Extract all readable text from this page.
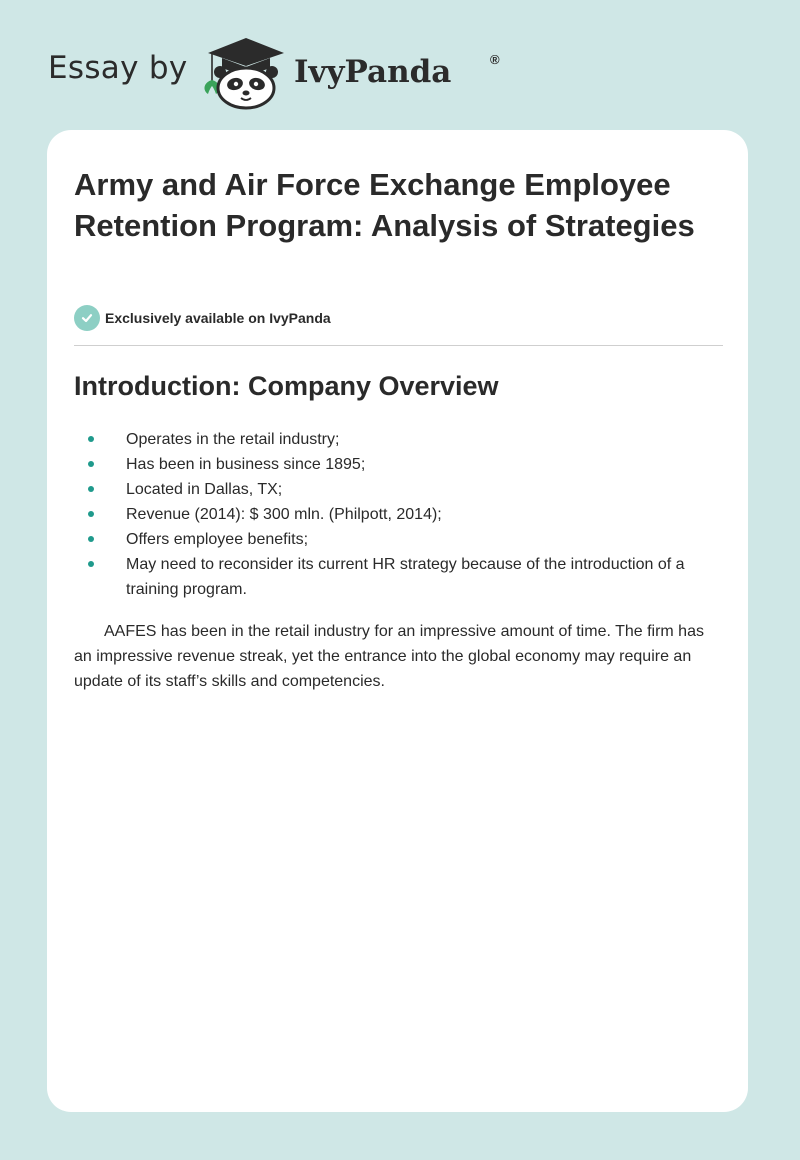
Essay by	IvyPanda	®
Army and Air Force Exchange Employee Retention Program: Analysis of Strategies
Exclusively available on IvyPanda
Introduction: Company Overview
Operates in the retail industry;
Has been in business since 1895;
Located in Dallas, TX;
Revenue (2014): $ 300 mln. (Philpott, 2014);
Offers employee benefits;
May need to reconsider its current HR strategy because of the introduction of a training program.

AAFES has been in the retail industry for an impressive amount of time. The firm has an impressive revenue streak, yet the entrance into the global economy may require an update of its staff’s skills and competencies.
